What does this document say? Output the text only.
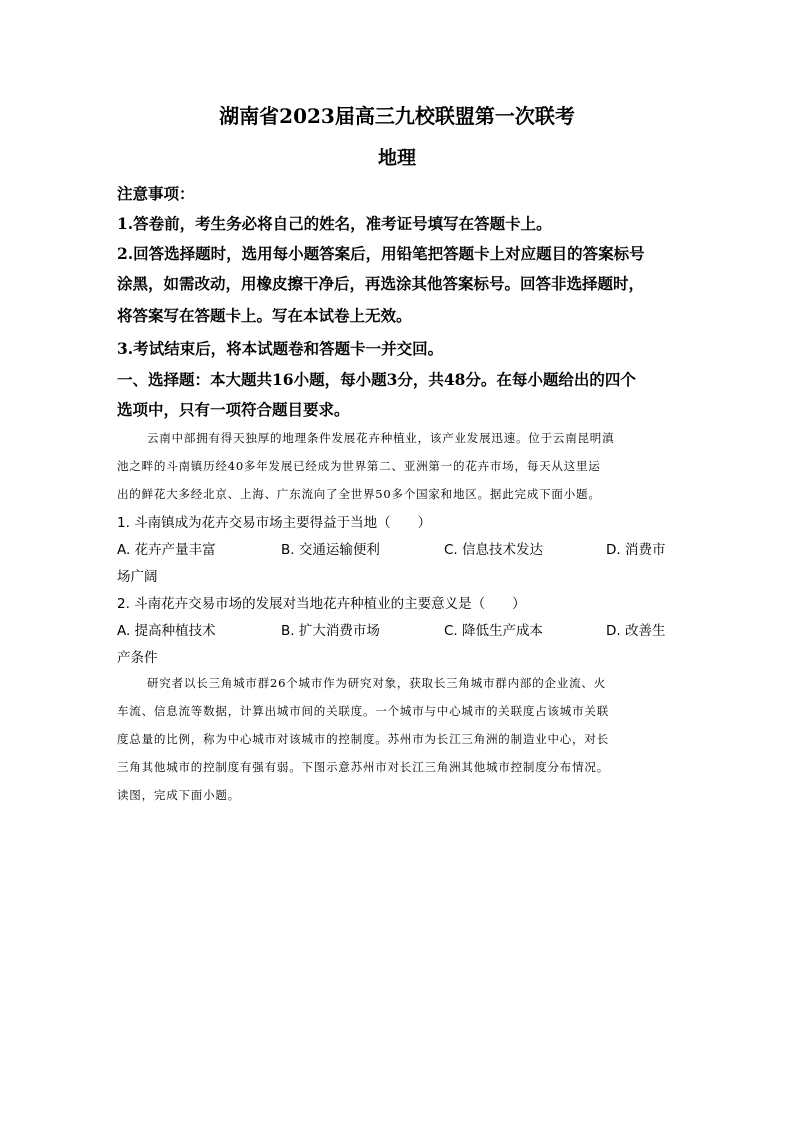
湖南省2023届高三九校联盟第一次联考
地理
注意事项：
1.答卷前，考生务必将自己的姓名，准考证号填写在答题卡上。
2.回答选择题时，选用每小题答案后，用铅笔把答题卡上对应题目的答案标号
涂黑，如需改动，用橡皮擦干净后，再选涂其他答案标号。回答非选择题时，
将答案写在答题卡上。写在本试卷上无效。
3.考试结束后，将本试题卷和答题卡一并交回。
一、选择题：本大题共16小题，每小题3分，共48分。在每小题给出的四个
选项中，只有一项符合题目要求。
云南中部拥有得天独厚的地理条件发展花卉种植业，该产业发展迅速。位于云南昆明滇
池之畔的斗南镇历经40多年发展已经成为世界第二、亚洲第一的花卉市场，每天从这里运
出的鲜花大多经北京、上海、广东流向了全世界50多个国家和地区。据此完成下面小题。
1. 斗南镇成为花卉交易市场主要得益于当地（　　）
A. 花卉产量丰富	B. 交通运输便利	C. 信息技术发达	D. 消费市
场广阔
2. 斗南花卉交易市场的发展对当地花卉种植业的主要意义是（　　）
A. 提高种植技术	B. 扩大消费市场	C. 降低生产成本	D. 改善生
产条件
研究者以长三角城市群26个城市作为研究对象，获取长三角城市群内部的企业流、火
车流、信息流等数据，计算出城市间的关联度。一个城市与中心城市的关联度占该城市关联
度总量的比例，称为中心城市对该城市的控制度。苏州市为长江三角洲的制造业中心，对长
三角其他城市的控制度有强有弱。下图示意苏州市对长江三角洲其他城市控制度分布情况。
读图，完成下面小题。
